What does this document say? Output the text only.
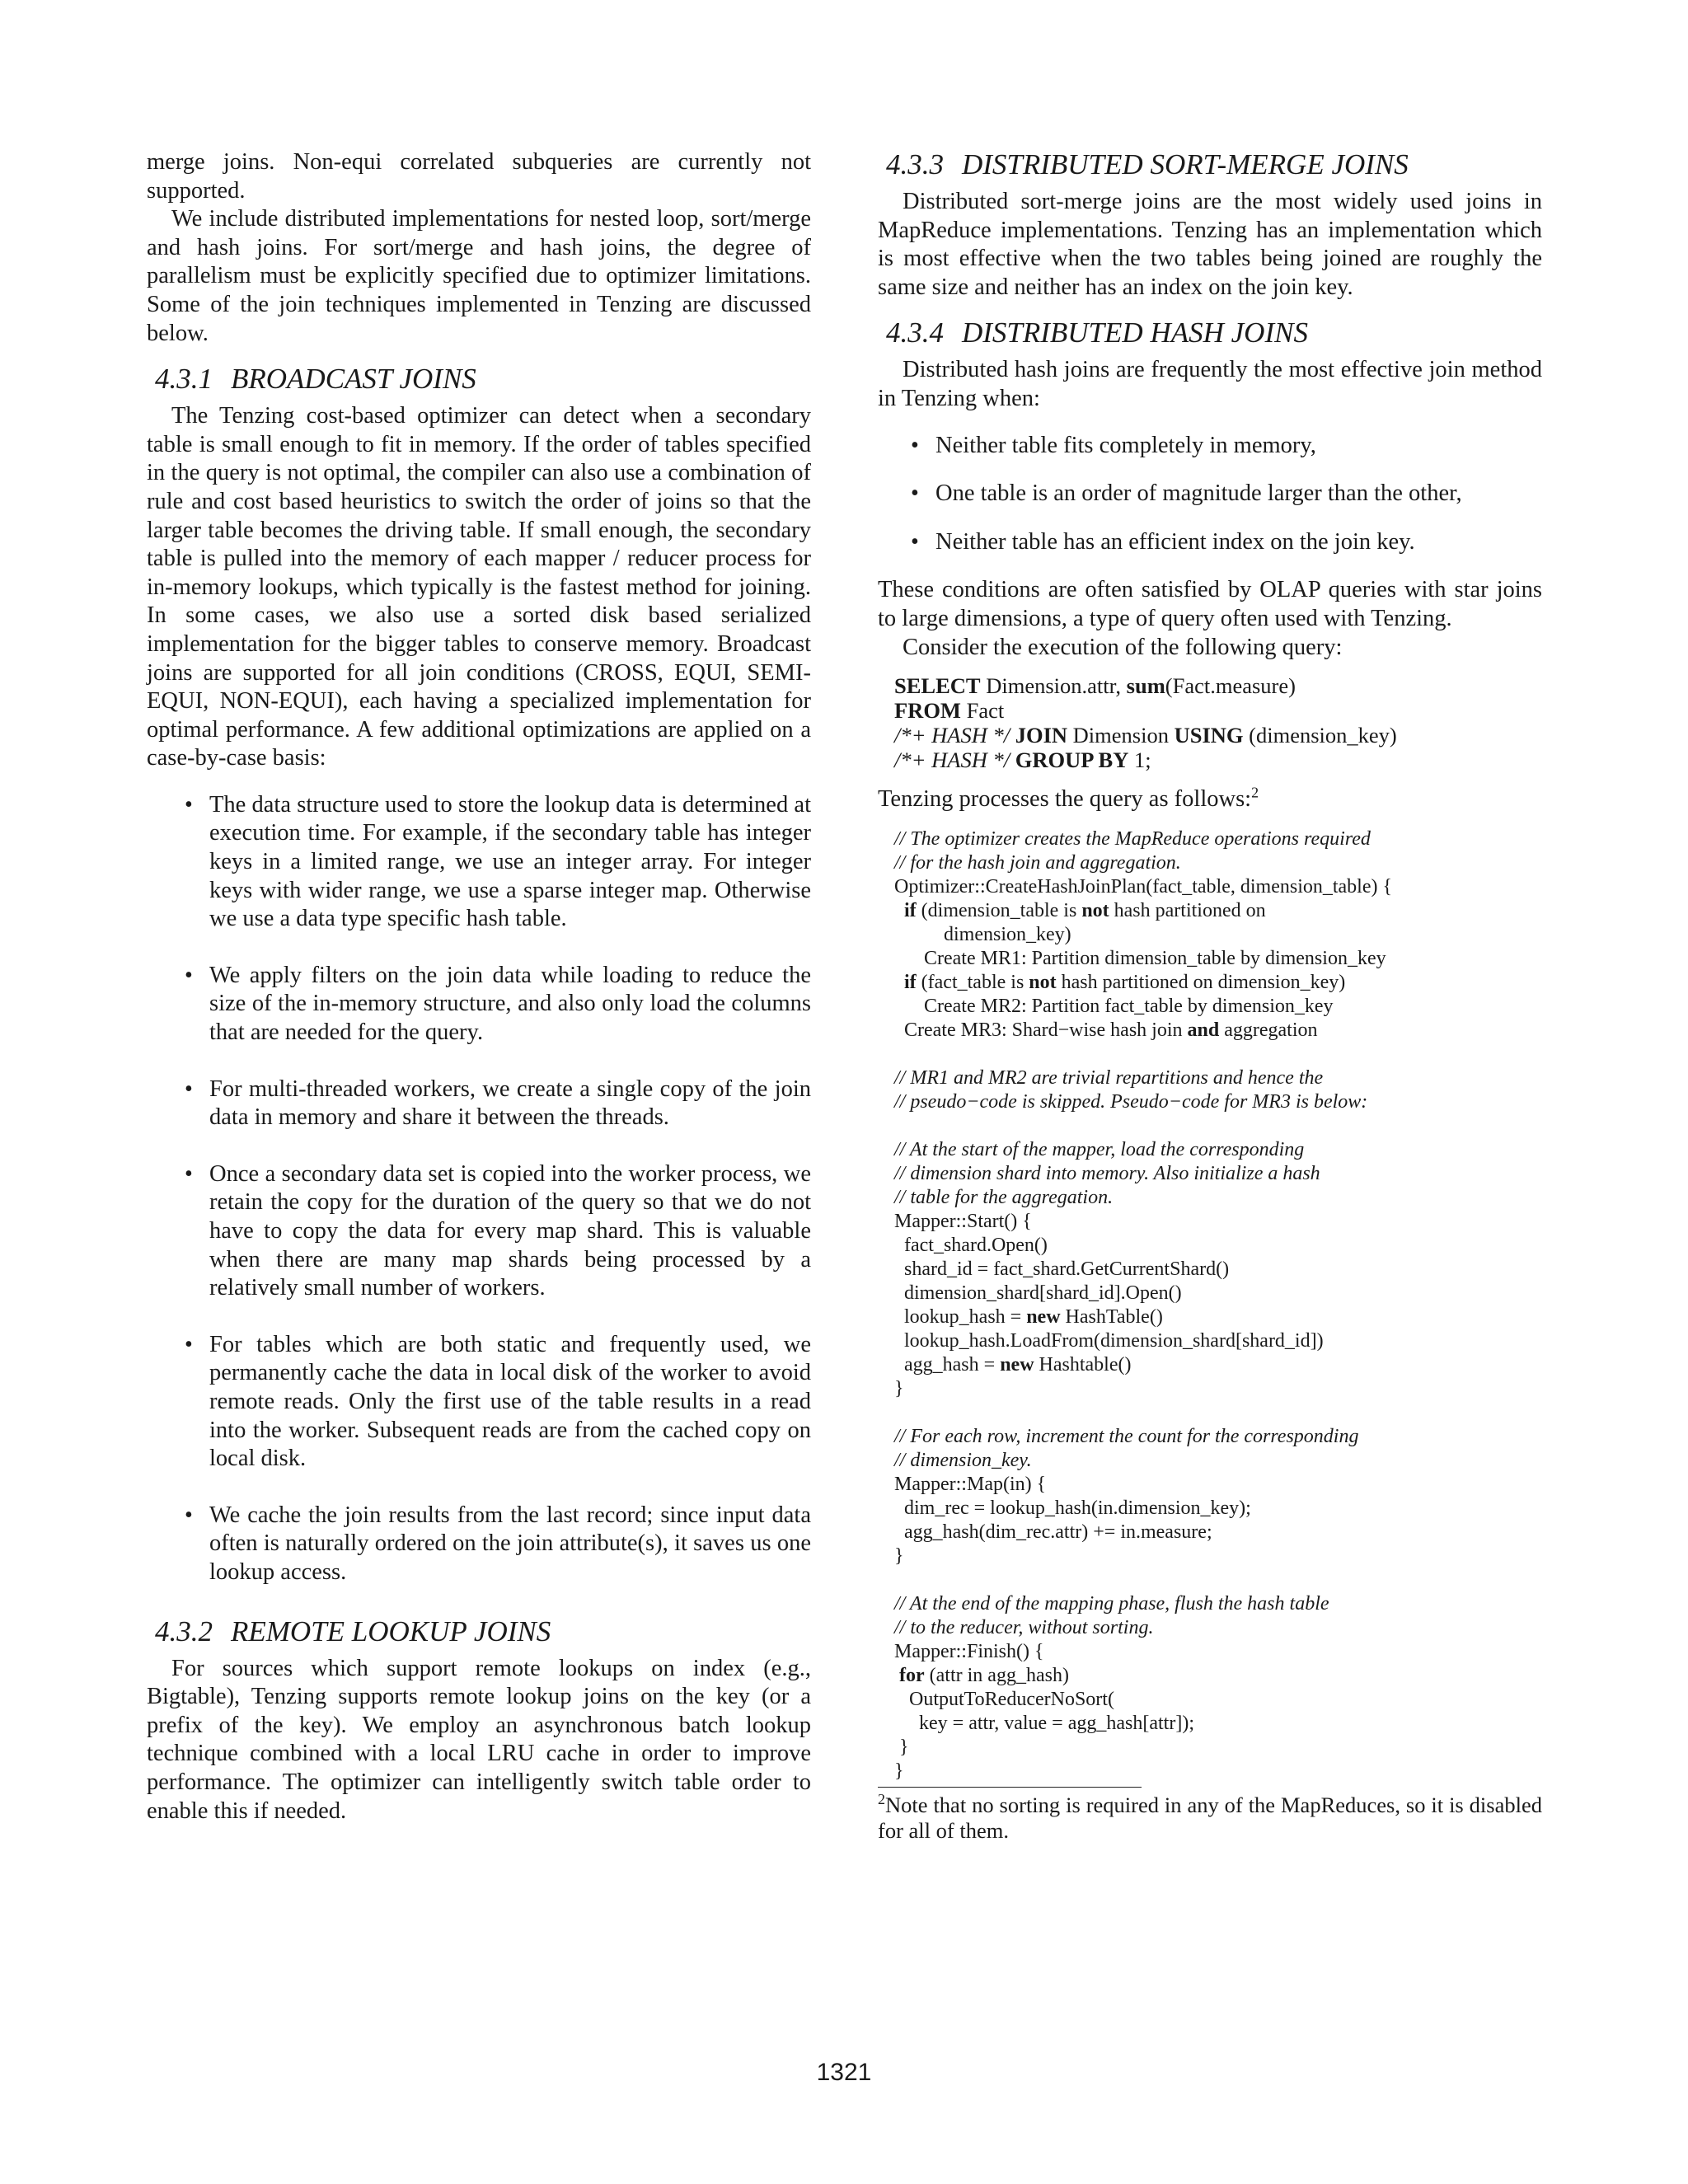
merge joins. Non-equi correlated subqueries are currently not supported.

We include distributed implementations for nested loop, sort/merge and hash joins. For sort/merge and hash joins, the degree of parallelism must be explicitly specified due to optimizer limitations. Some of the join techniques implemented in Tenzing are discussed below.

4.3.1 BROADCAST JOINS

The Tenzing cost-based optimizer can detect when a secondary table is small enough to fit in memory. If the order of tables specified in the query is not optimal, the compiler can also use a combination of rule and cost based heuristics to switch the order of joins so that the larger table becomes the driving table. If small enough, the secondary table is pulled into the memory of each mapper / reducer process for in-memory lookups, which typically is the fastest method for joining. In some cases, we also use a sorted disk based serialized implementation for the bigger tables to conserve memory. Broadcast joins are supported for all join conditions (CROSS, EQUI, SEMI-EQUI, NON-EQUI), each having a specialized implementation for optimal performance. A few additional optimizations are applied on a case-by-case basis:

• The data structure used to store the lookup data is determined at execution time. For example, if the secondary table has integer keys in a limited range, we use an integer array. For integer keys with wider range, we use a sparse integer map. Otherwise we use a data type specific hash table.
• We apply filters on the join data while loading to reduce the size of the in-memory structure, and also only load the columns that are needed for the query.
• For multi-threaded workers, we create a single copy of the join data in memory and share it between the threads.
• Once a secondary data set is copied into the worker process, we retain the copy for the duration of the query so that we do not have to copy the data for every map shard. This is valuable when there are many map shards being processed by a relatively small number of workers.
• For tables which are both static and frequently used, we permanently cache the data in local disk of the worker to avoid remote reads. Only the first use of the table results in a read into the worker. Subsequent reads are from the cached copy on local disk.
• We cache the join results from the last record; since input data often is naturally ordered on the join attribute(s), it saves us one lookup access.
4.3.2 REMOTE LOOKUP JOINS

For sources which support remote lookups on index (e.g., Bigtable), Tenzing supports remote lookup joins on the key (or a prefix of the key). We employ an asynchronous batch lookup technique combined with a local LRU cache in order to improve performance. The optimizer can intelligently switch table order to enable this if needed.

4.3.3 DISTRIBUTED SORT-MERGE JOINS

Distributed sort-merge joins are the most widely used joins in MapReduce implementations. Tenzing has an implementation which is most effective when the two tables being joined are roughly the same size and neither has an index on the join key.

4.3.4 DISTRIBUTED HASH JOINS

Distributed hash joins are frequently the most effective join method in Tenzing when:

• Neither table fits completely in memory,
• One table is an order of magnitude larger than the other,
• Neither table has an efficient index on the join key.

These conditions are often satisfied by OLAP queries with star joins to large dimensions, a type of query often used with Tenzing.

Consider the execution of the following query:

SELECT Dimension.attr, sum(Fact.measure)
FROM Fact
/*+ HASH */ JOIN Dimension USING (dimension_key)
/*+ HASH */ GROUP BY 1;

Tenzing processes the query as follows:$^2$

// The optimizer creates the MapReduce operations required
// for the hash join and aggregation.
Optimizer::CreateHashJoinPlan(fact_table, dimension_table) {
if (dimension_table is not hash partitioned on
dimension_key)
Create MR1: Partition dimension_table by dimension_key
if (fact_table is not hash partitioned on dimension_key)
Create MR2: Partition fact_table by dimension_key
Create MR3: Shard−wise hash join and aggregation
// MR1 and MR2 are trivial repartitions and hence the
// pseudo−code is skipped. Pseudo−code for MR3 is below:
// At the start of the mapper, load the corresponding
// dimension shard into memory. Also initialize a hash
// table for the aggregation.
Mapper::Start() {
fact_shard.Open()
shard_id = fact_shard.GetCurrentShard()
dimension_shard[shard_id].Open()
lookup_hash = new HashTable()
lookup_hash.LoadFrom(dimension_shard[shard_id])
agg_hash = new Hashtable()
}
// For each row, increment the count for the corresponding
// dimension_key.
Mapper::Map(in) {
dim_rec = lookup_hash(in.dimension_key);
agg_hash(dim_rec.attr) += in.measure;
}
// At the end of the mapping phase, flush the hash table
// to the reducer, without sorting.
Mapper::Finish() {
for (attr in agg_hash)
OutputToReducerNoSort(
key = attr, value = agg_hash[attr]);
}
}

$^2$Note that no sorting is required in any of the MapReduces, so it is disabled for all of them.

1321
